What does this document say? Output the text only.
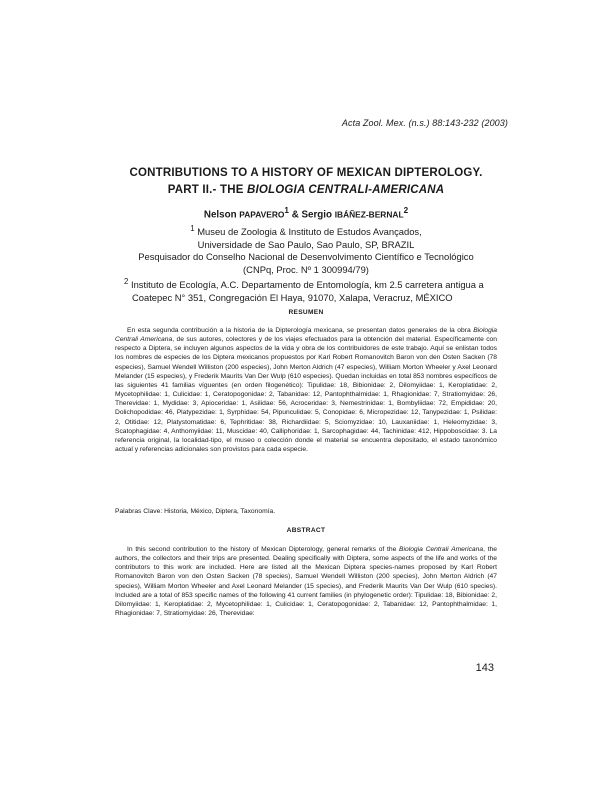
Acta Zool. Mex. (n.s.) 88:143-232 (2003)
CONTRIBUTIONS TO A HISTORY OF MEXICAN DIPTEROLOGY.
PART II.- THE BIOLOGIA CENTRALI-AMERICANA
Nelson PAPAVERO$^1$ & Sergio IBÁÑEZ-BERNAL$^2$
$^1$ Museu de Zoologia & Instituto de Estudos Avançados,
Universidade de Sao Paulo, Sao Paulo, SP, BRAZIL
Pesquisador do Conselho Nacional de Desenvolvimento Científico e Tecnológico
(CNPq, Proc. Nº 1 300994/79)
$^2$ Instituto de Ecología, A.C. Departamento de Entomología, km 2.5 carretera antigua a
Coatepec N° 351, Congregación El Haya, 91070, Xalapa, Veracruz, MÉXICO
RESUMEN
En esta segunda contribución a la historia de la Dipterología mexicana, se presentan datos generales de la obra Biologia Centrali Americana, de sus autores, colectores y de los viajes efectuados para la obtención del material. Específicamente con respecto a Diptera, se incluyen algunos aspectos de la vida y obra de los contribuidores de este trabajo. Aquí se enlistan todos los nombres de especies de los Diptera mexicanos propuestos por Karl Robert Romanovitch Baron von den Osten Sacken (78 especies), Samuel Wendell Williston (200 especies), John Merton Aldrich (47 especies), William Morton Wheeler y Axel Leonard Melander (15 especies), y Frederik Maurits Van Der Wulp (610 especies). Quedan incluidas en total 853 nombres específicos de las siguientes 41 familias víguentes (en orden filogenético): Tipulidae: 18, Bibionidae: 2, Dilomyiidae: 1, Keroplatidae: 2, Mycetophilidae: 1, Culicidae: 1, Ceratopogonidae: 2, Tabanidae: 12, Pantophthalmidae: 1, Rhagionidae: 7, Stratiomyidae: 26, Therevidae: 1, Mydidae: 3, Apioceridae: 1, Asilidae: 56, Acroceridae: 3, Nemestrinidae: 1, Bombyliidae: 72, Empididae: 20, Dolichopodidae: 46, Platypezidae: 1, Syrphidae: 54, Pipunculidae: 5, Conopidae: 6, Micropezidae: 12, Tanypezidae: 1, Psilidae: 2, Otitidae: 12, Platystomatidae: 6, Tephritidae: 38, Richardiidae: 5, Sciomyzidae: 10, Lauxaniidae: 1, Heleomyzidae: 3, Scatophagidae: 4, Anthomyiidae: 11, Muscidae: 40, Calliphoridae: 1, Sarcophagidae: 44, Tachinidae: 412, Hippoboscidae: 3. La referencia original, la localidad-tipo, el museo o colección donde el material se encuentra depositado, el estado taxonómico actual y referencias adicionales son provistos para cada especie.
Palabras Clave: Historia, México, Diptera, Taxonomía.
ABSTRACT
In this second contribution to the history of Mexican Dipterology, general remarks of the Biologia Centrali Americana, the authors, the collectors and their trips are presented. Dealing specifically with Diptera, some aspects of the life and works of the contributors to this work are included. Here are listed all the Mexican Diptera species-names proposed by Karl Robert Romanovitch Baron von den Osten Sacken (78 species), Samuel Wendell Williston (200 species), John Merton Aldrich (47 species), William Morton Wheeler and Axel Leonard Melander (15 species), and Frederik Maurits Van Der Wulp (610 species). Included are a total of 853 specific names of the following 41 current families (in phylogenetic order): Tipulidae: 18, Bibionidae: 2, Dilomyiidae: 1, Keroplatidae: 2, Mycetophilidae: 1, Culicidae: 1, Ceratopogonidae: 2, Tabanidae: 12, Pantophthalmidae: 1, Rhagionidae: 7, Stratiomyidae: 26, Therevidae:
143
